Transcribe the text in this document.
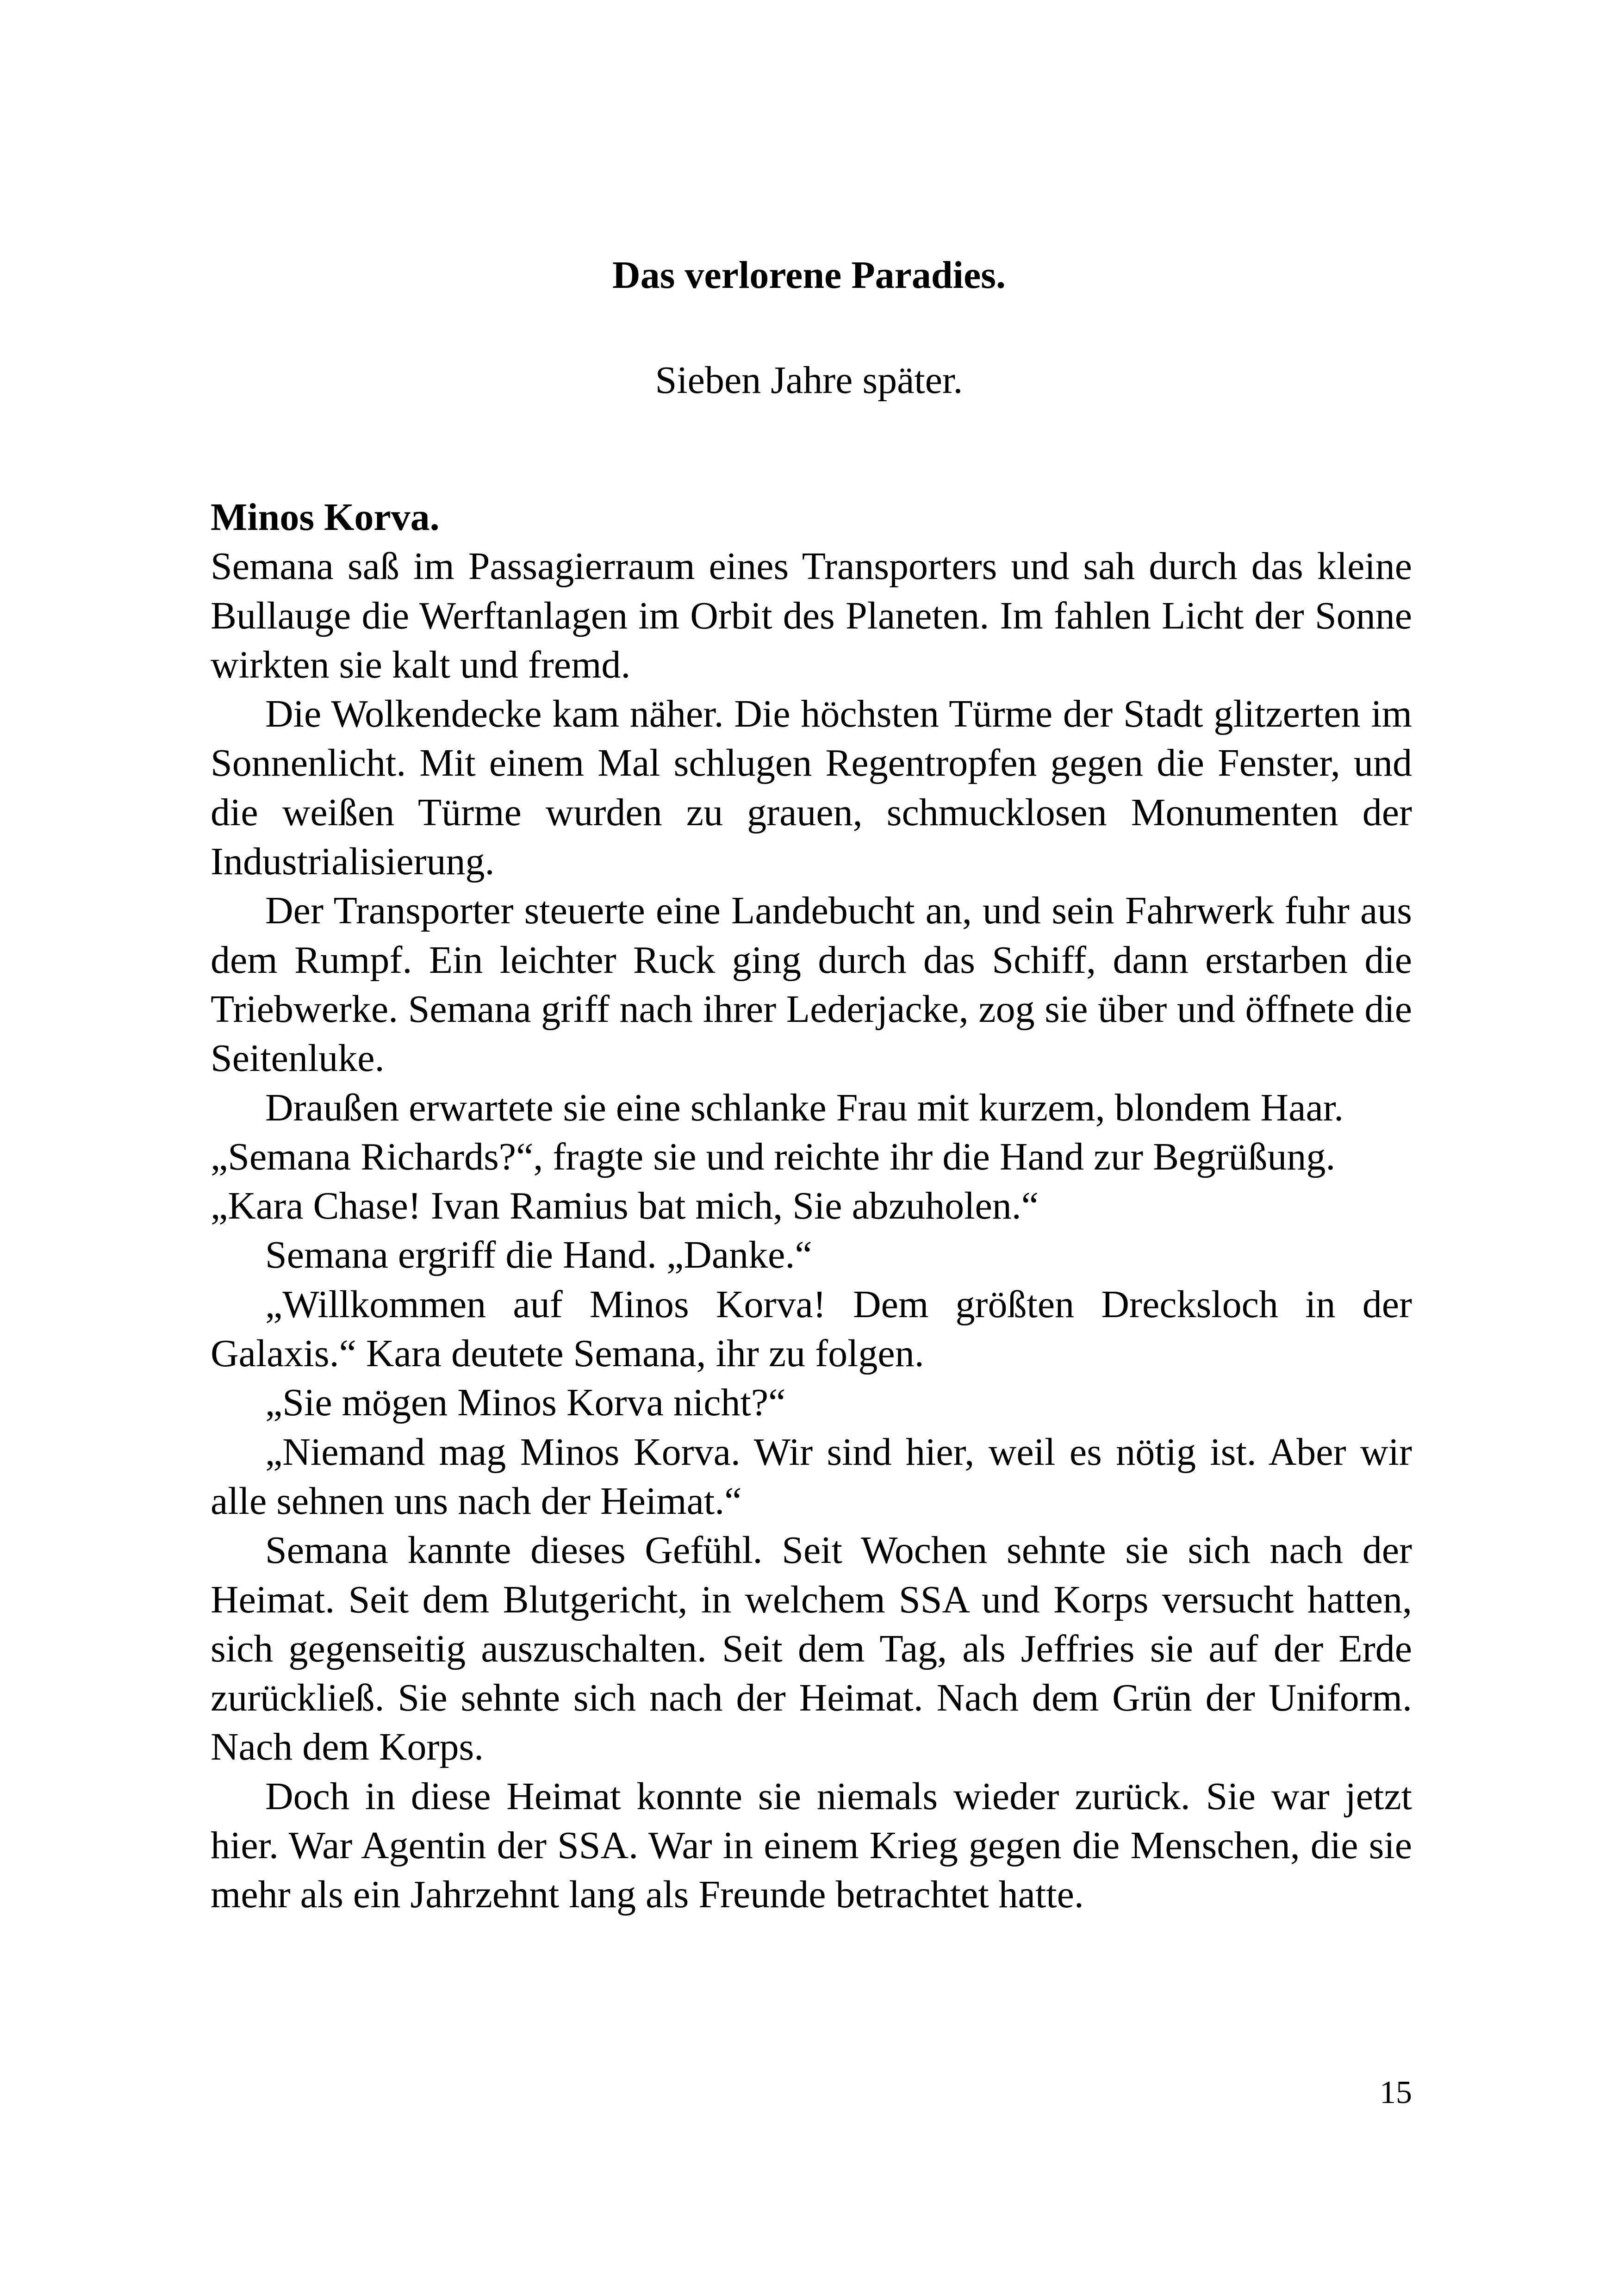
Das verlorene Paradies.

Sieben Jahre später.

Minos Korva.

Semana saß im Passagierraum eines Transporters und sah durch das kleine Bullauge die Werftanlagen im Orbit des Planeten. Im fahlen Licht der Sonne wirkten sie kalt und fremd.

Die Wolkendecke kam näher. Die höchsten Türme der Stadt glitzerten im Sonnenlicht. Mit einem Mal schlugen Regentropfen gegen die Fenster, und die weißen Türme wurden zu grauen, schmucklosen Monumenten der Industrialisierung.

Der Transporter steuerte eine Landebucht an, und sein Fahrwerk fuhr aus dem Rumpf. Ein leichter Ruck ging durch das Schiff, dann erstarben die Triebwerke. Semana griff nach ihrer Lederjacke, zog sie über und öffnete die Seitenluke.

Draußen erwartete sie eine schlanke Frau mit kurzem, blondem Haar.

„Semana Richards?“, fragte sie und reichte ihr die Hand zur Begrüßung.

„Kara Chase! Ivan Ramius bat mich, Sie abzuholen.“

Semana ergriff die Hand. „Danke.“

„Willkommen auf Minos Korva! Dem größten Drecksloch in der Galaxis.“ Kara deutete Semana, ihr zu folgen.

„Sie mögen Minos Korva nicht?“

„Niemand mag Minos Korva. Wir sind hier, weil es nötig ist. Aber wir alle sehnen uns nach der Heimat.“

Semana kannte dieses Gefühl. Seit Wochen sehnte sie sich nach der Heimat. Seit dem Blutgericht, in welchem SSA und Korps versucht hatten, sich gegenseitig auszuschalten. Seit dem Tag, als Jeffries sie auf der Erde zurückließ. Sie sehnte sich nach der Heimat. Nach dem Grün der Uniform. Nach dem Korps.

Doch in diese Heimat konnte sie niemals wieder zurück. Sie war jetzt hier. War Agentin der SSA. War in einem Krieg gegen die Menschen, die sie mehr als ein Jahrzehnt lang als Freunde betrachtet hatte.

15
